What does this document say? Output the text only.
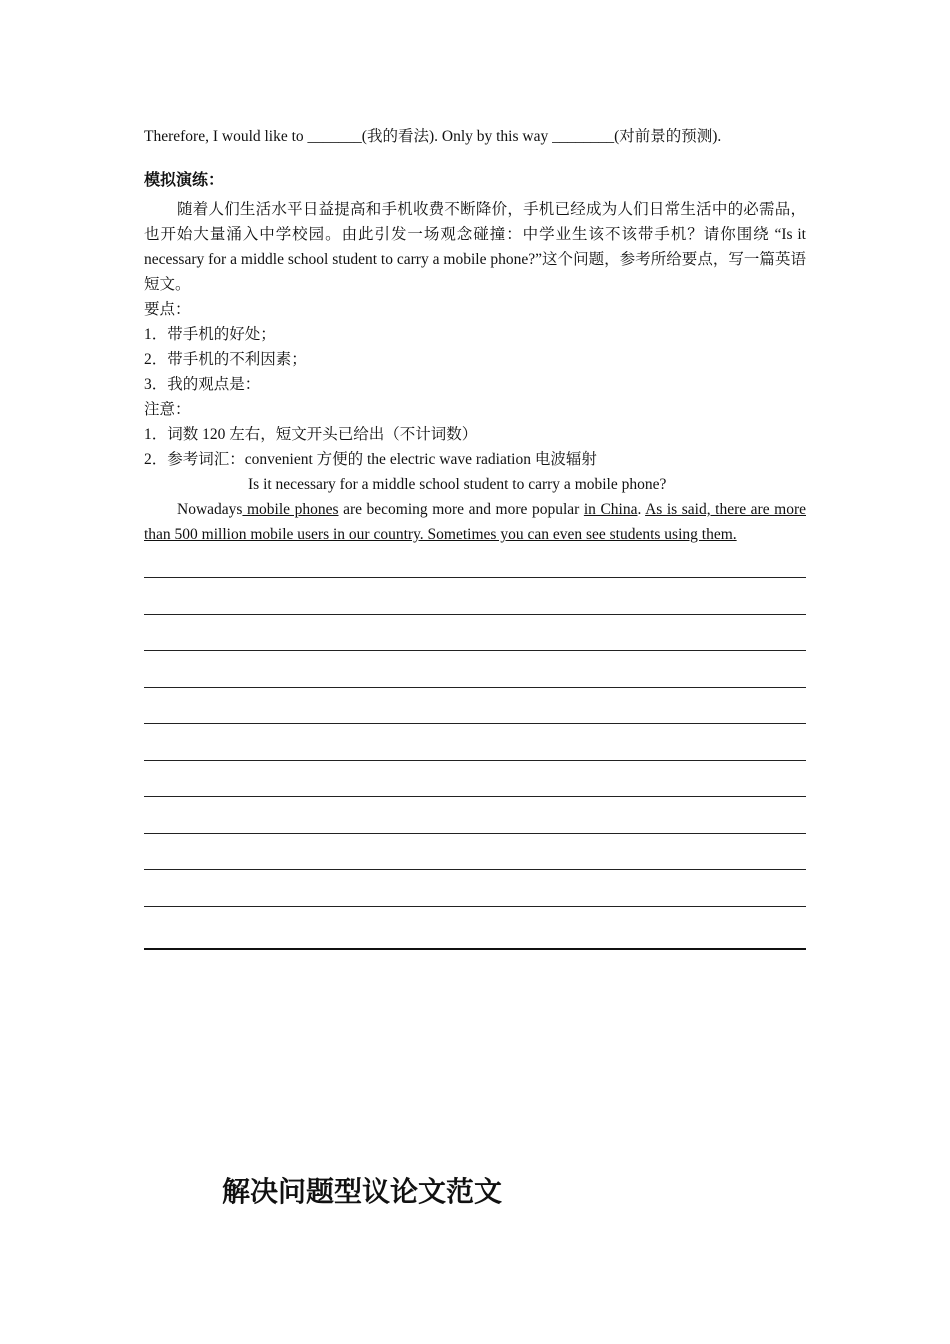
Therefore, I would like to _______(我的看法). Only by this way ________(对前景的预测).

模拟演练：

随着人们生活水平日益提高和手机收费不断降价，手机已经成为人们日常生活中的必需品，也开始大量涌入中学校园。由此引发一场观念碰撞：中学业生该不该带手机？请你围绕 “Is it necessary for a middle school student to carry a mobile phone?”这个问题，参考所给要点，写一篇英语短文。

要点：

1．带手机的好处；

2．带手机的不利因素；

3．我的观点是：

注意：

1．词数 120 左右，短文开头已给出（不计词数）

2．参考词汇：convenient 方便的 the electric wave radiation 电波辐射

Is it necessary for a middle school student to carry a mobile phone?

Nowadays mobile phones are becoming more and more popular in China. As is said, there are more than 500 million mobile users in our country. Sometimes you can even see students using them.

解决问题型议论文范文
